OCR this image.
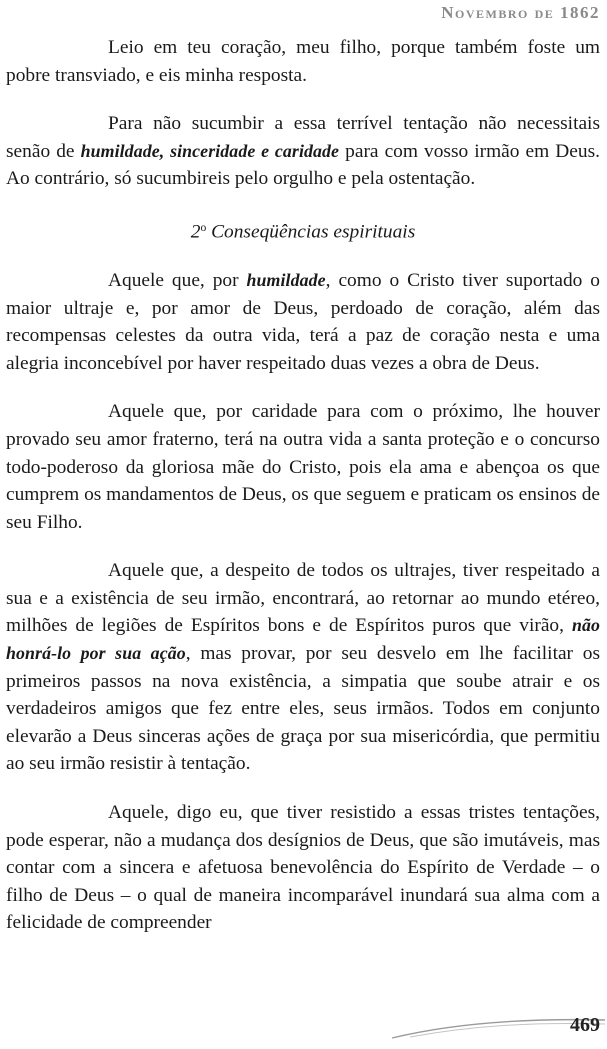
Novembro de 1862

Leio em teu coração, meu filho, porque também foste um pobre transviado, e eis minha resposta.

Para não sucumbir a essa terrível tentação não necessitais senão de humildade, sinceridade e caridade para com vosso irmão em Deus. Ao contrário, só sucumbireis pelo orgulho e pela ostentação.

2$^o$ Conseqüências espirituais

Aquele que, por humildade, como o Cristo tiver suportado o maior ultraje e, por amor de Deus, perdoado de coração, além das recompensas celestes da outra vida, terá a paz de coração nesta e uma alegria inconcebível por haver respeitado duas vezes a obra de Deus.

Aquele que, por caridade para com o próximo, lhe houver provado seu amor fraterno, terá na outra vida a santa proteção e o concurso todo-poderoso da gloriosa mãe do Cristo, pois ela ama e abençoa os que cumprem os mandamentos de Deus, os que seguem e praticam os ensinos de seu Filho.

Aquele que, a despeito de todos os ultrajes, tiver respeitado a sua e a existência de seu irmão, encontrará, ao retornar ao mundo etéreo, milhões de legiões de Espíritos bons e de Espíritos puros que virão, não honrá-lo por sua ação, mas provar, por seu desvelo em lhe facilitar os primeiros passos na nova existência, a simpatia que soube atrair e os verdadeiros amigos que fez entre eles, seus irmãos. Todos em conjunto elevarão a Deus sinceras ações de graça por sua misericórdia, que permitiu ao seu irmão resistir à tentação.

Aquele, digo eu, que tiver resistido a essas tristes tentações, pode esperar, não a mudança dos desígnios de Deus, que são imutáveis, mas contar com a sincera e afetuosa benevolência do Espírito de Verdade – o filho de Deus – o qual de maneira incomparável inundará sua alma com a felicidade de compreender

469
